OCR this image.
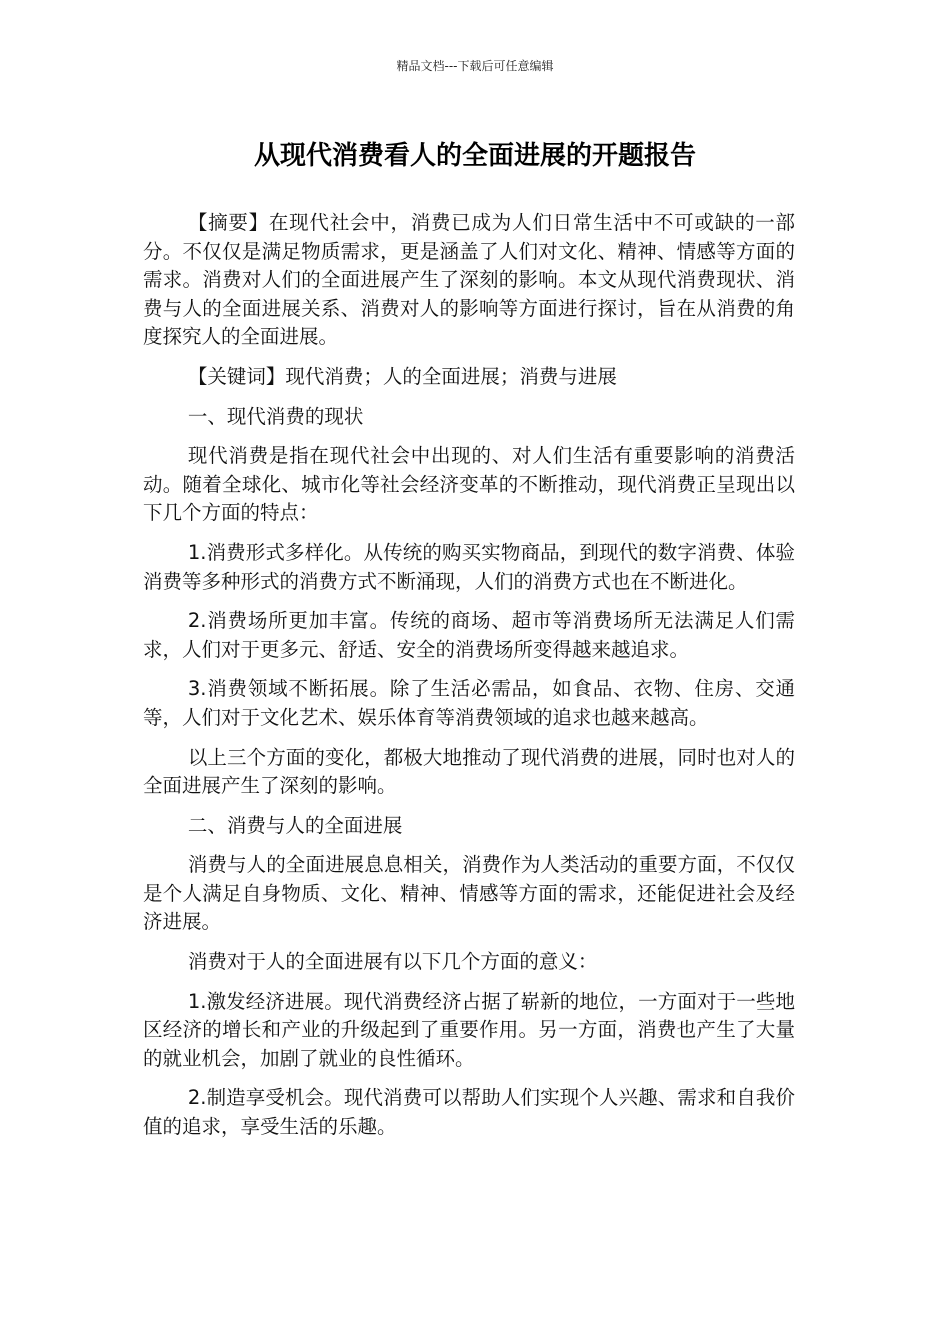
精品文档---下载后可任意编辑
从现代消费看人的全面进展的开题报告

【摘要】在现代社会中，消费已成为人们日常生活中不可或缺的一部分。不仅仅是满足物质需求，更是涵盖了人们对文化、精神、情感等方面的需求。消费对人们的全面进展产生了深刻的影响。本文从现代消费现状、消费与人的全面进展关系、消费对人的影响等方面进行探讨，旨在从消费的角度探究人的全面进展。

【关键词】现代消费；人的全面进展；消费与进展

一、现代消费的现状

现代消费是指在现代社会中出现的、对人们生活有重要影响的消费活动。随着全球化、城市化等社会经济变革的不断推动，现代消费正呈现出以下几个方面的特点：

1.消费形式多样化。从传统的购买实物商品，到现代的数字消费、体验消费等多种形式的消费方式不断涌现，人们的消费方式也在不断进化。

2.消费场所更加丰富。传统的商场、超市等消费场所无法满足人们需求，人们对于更多元、舒适、安全的消费场所变得越来越追求。

3.消费领域不断拓展。除了生活必需品，如食品、衣物、住房、交通等，人们对于文化艺术、娱乐体育等消费领域的追求也越来越高。

以上三个方面的变化，都极大地推动了现代消费的进展，同时也对人的全面进展产生了深刻的影响。

二、消费与人的全面进展

消费与人的全面进展息息相关，消费作为人类活动的重要方面，不仅仅是个人满足自身物质、文化、精神、情感等方面的需求，还能促进社会及经济进展。

消费对于人的全面进展有以下几个方面的意义：

1.激发经济进展。现代消费经济占据了崭新的地位，一方面对于一些地区经济的增长和产业的升级起到了重要作用。另一方面，消费也产生了大量的就业机会，加剧了就业的良性循环。

2.制造享受机会。现代消费可以帮助人们实现个人兴趣、需求和自我价值的追求，享受生活的乐趣。
